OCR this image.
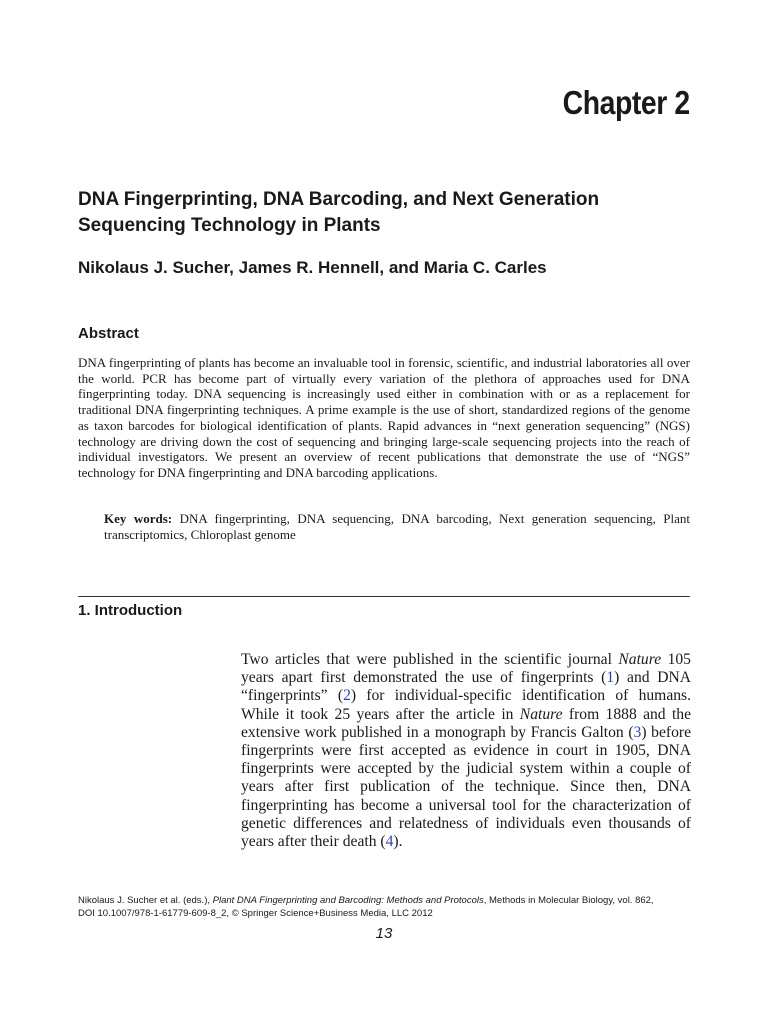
Chapter 2
DNA Fingerprinting, DNA Barcoding, and Next Generation
Sequencing Technology in Plants
Nikolaus J. Sucher, James R. Hennell, and Maria C. Carles
Abstract
DNA fingerprinting of plants has become an invaluable tool in forensic, scientific, and industrial laboratories all over the world. PCR has become part of virtually every variation of the plethora of approaches used for DNA fingerprinting today. DNA sequencing is increasingly used either in combination with or as a replacement for traditional DNA fingerprinting techniques. A prime example is the use of short, standardized regions of the genome as taxon barcodes for biological identification of plants. Rapid advances in “next generation sequencing” (NGS) technology are driving down the cost of sequencing and bringing large-scale sequencing projects into the reach of individual investigators. We present an overview of recent publications that demonstrate the use of “NGS” technology for DNA fingerprinting and DNA barcoding applications.
Key words: DNA fingerprinting, DNA sequencing, DNA barcoding, Next generation sequencing, Plant transcriptomics, Chloroplast genome
1. Introduction
Two articles that were published in the scientific journal Nature 105 years apart first demonstrated the use of fingerprints (1) and DNA “fingerprints” (2) for individual-specific identification of humans. While it took 25 years after the article in Nature from 1888 and the extensive work published in a monograph by Francis Galton (3) before fingerprints were first accepted as evidence in court in 1905, DNA fingerprints were accepted by the judicial system within a couple of years after first publication of the technique. Since then, DNA fingerprinting has become a universal tool for the characterization of genetic differences and relatedness of individuals even thousands of years after their death (4).
Nikolaus J. Sucher et al. (eds.), Plant DNA Fingerprinting and Barcoding: Methods and Protocols, Methods in Molecular Biology, vol. 862,
DOI 10.1007/978-1-61779-609-8_2, © Springer Science+Business Media, LLC 2012
13
